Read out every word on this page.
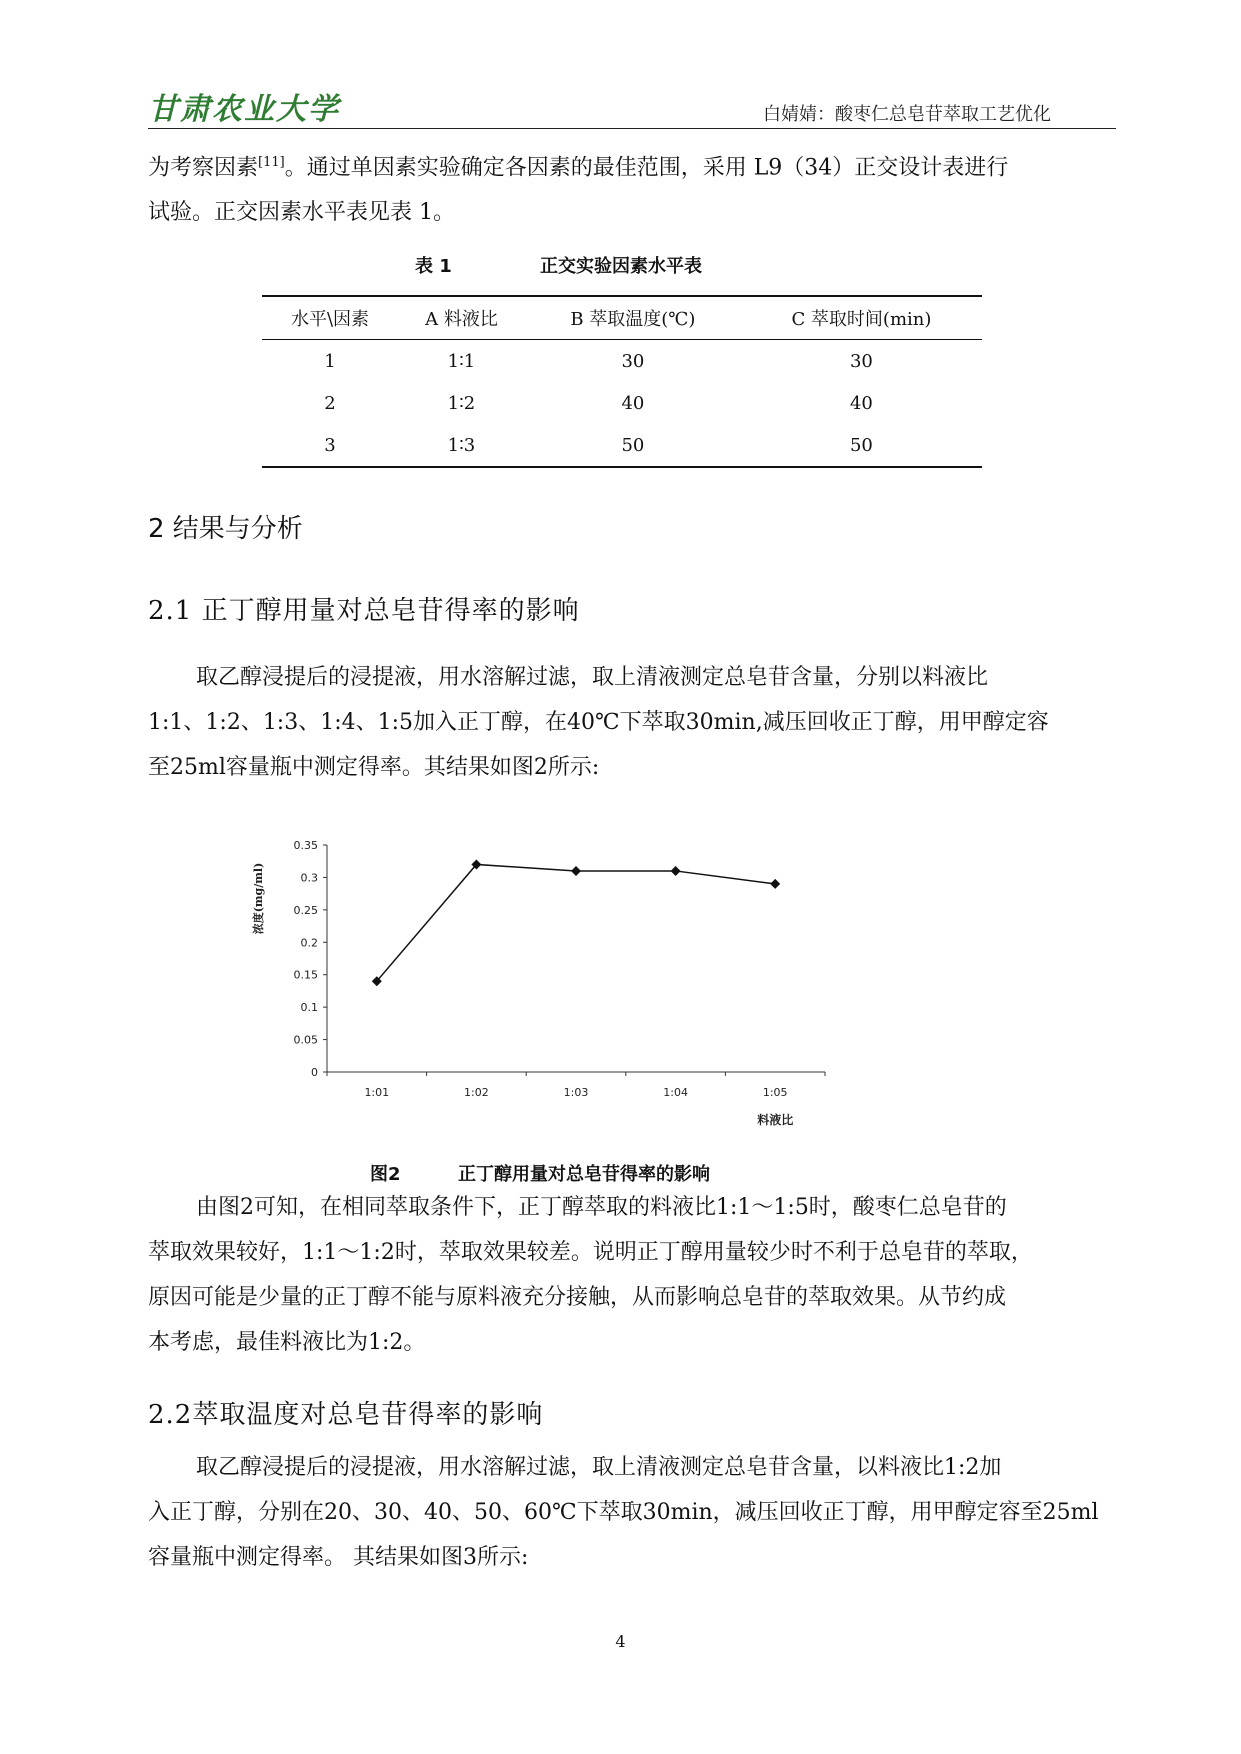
甘肃农业大学	白婧婧：酸枣仁总皂苷萃取工艺优化

为考察因素[11]。通过单因素实验确定各因素的最佳范围，采用 L9（34）正交设计表进行

试验。正交因素水平表见表 1。

表 1	正交实验因素水平表
水平\因素	A 料液比	B 萃取温度(℃)	C 萃取时间(min)
1	1∶1	30	30
2	1∶2	40	40
3	1∶3	50	50
2 结果与分析
2.1 正丁醇用量对总皂苷得率的影响

取乙醇浸提后的浸提液，用水溶解过滤，取上清液测定总皂苷含量，分别以料液比

1:1、1:2、1:3、1:4、1:5加入正丁醇，在40℃下萃取30min,减压回收正丁醇，用甲醇定容

至25ml容量瓶中测定得率。其结果如图2所示:

0
0.05
0.1
0.15
0.2
0.25
0.3
0.35
1:01	1:02	1:03	1:04	1:05
浓度(mg/ml)
料液比
图2	正丁醇用量对总皂苷得率的影响

由图2可知，在相同萃取条件下，正丁醇萃取的料液比1:1～1:5时，酸枣仁总皂苷的

萃取效果较好，1:1～1:2时，萃取效果较差。说明正丁醇用量较少时不利于总皂苷的萃取，

原因可能是少量的正丁醇不能与原料液充分接触，从而影响总皂苷的萃取效果。从节约成

本考虑，最佳料液比为1:2。

2.2萃取温度对总皂苷得率的影响

取乙醇浸提后的浸提液，用水溶解过滤，取上清液测定总皂苷含量，以料液比1:2加

入正丁醇，分别在20、30、40、50、60℃下萃取30min，减压回收正丁醇，用甲醇定容至25ml

容量瓶中测定得率。 其结果如图3所示:

4
